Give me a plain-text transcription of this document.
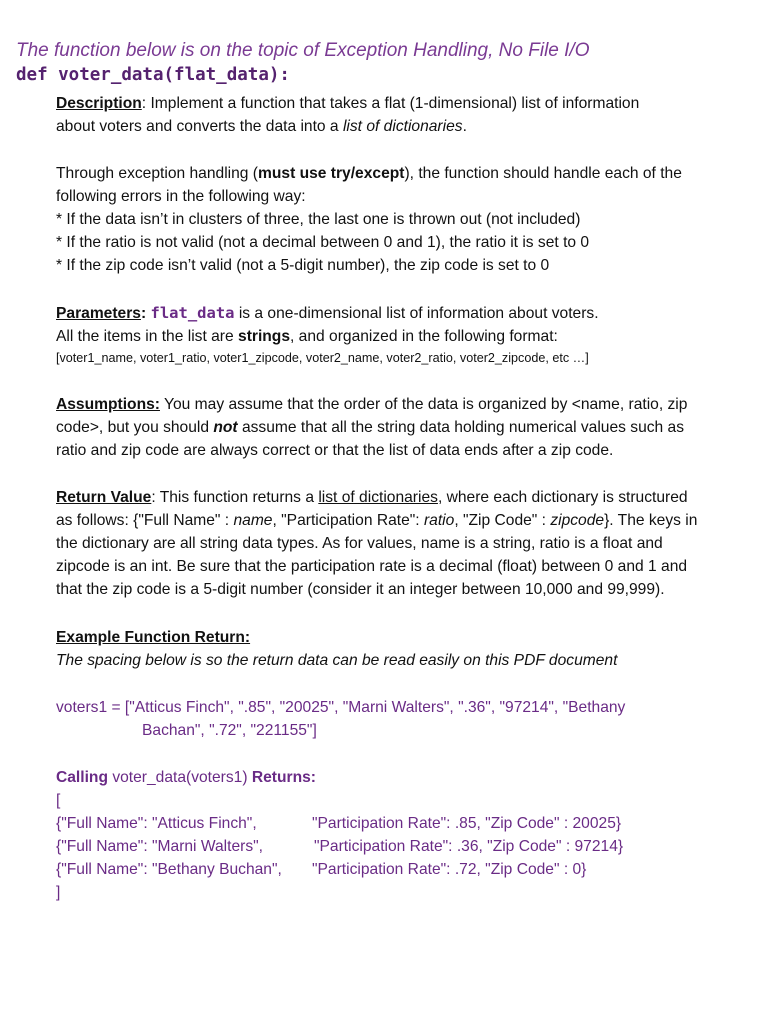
The function below is on the topic of Exception Handling, No File I/O
def voter_data(flat_data):
Description: Implement a function that takes a flat (1-dimensional) list of information
about voters and converts the data into a list of dictionaries.
Through exception handling (must use try/except), the function should handle each of the
following errors in the following way:
* If the data isn’t in clusters of three, the last one is thrown out (not included)
* If the ratio is not valid (not a decimal between 0 and 1), the ratio it is set to 0
* If the zip code isn’t valid (not a 5-digit number), the zip code is set to 0
Parameters: flat_data is a one-dimensional list of information about voters.
All the items in the list are strings, and organized in the following format:
[voter1_name, voter1_ratio, voter1_zipcode, voter2_name, voter2_ratio, voter2_zipcode, etc …]
Assumptions: You may assume that the order of the data is organized by <name, ratio, zip
code>, but you should not assume that all the string data holding numerical values such as
ratio and zip code are always correct or that the list of data ends after a zip code.
Return Value: This function returns a list of dictionaries, where each dictionary is structured
as follows: {"Full Name" : name, "Participation Rate": ratio, "Zip Code" : zipcode}. The keys in
the dictionary are all string data types. As for values, name is a string, ratio is a float and
zipcode is an int. Be sure that the participation rate is a decimal (float) between 0 and 1 and
that the zip code is a 5-digit number (consider it an integer between 10,000 and 99,999).
Example Function Return:
The spacing below is so the return data can be read easily on this PDF document
voters1 = ["Atticus Finch", ".85", "20025", "Marni Walters", ".36", "97214", "Bethany
Bachan", ".72", "221155"]
Calling voter_data(voters1) Returns:
[
{"Full Name": "Atticus Finch",	"Participation Rate": .85, "Zip Code" : 20025}
{"Full Name": "Marni Walters",	"Participation Rate": .36, "Zip Code" : 97214}
{"Full Name": "Bethany Buchan", "Participation Rate": .72, "Zip Code" : 0}
]
